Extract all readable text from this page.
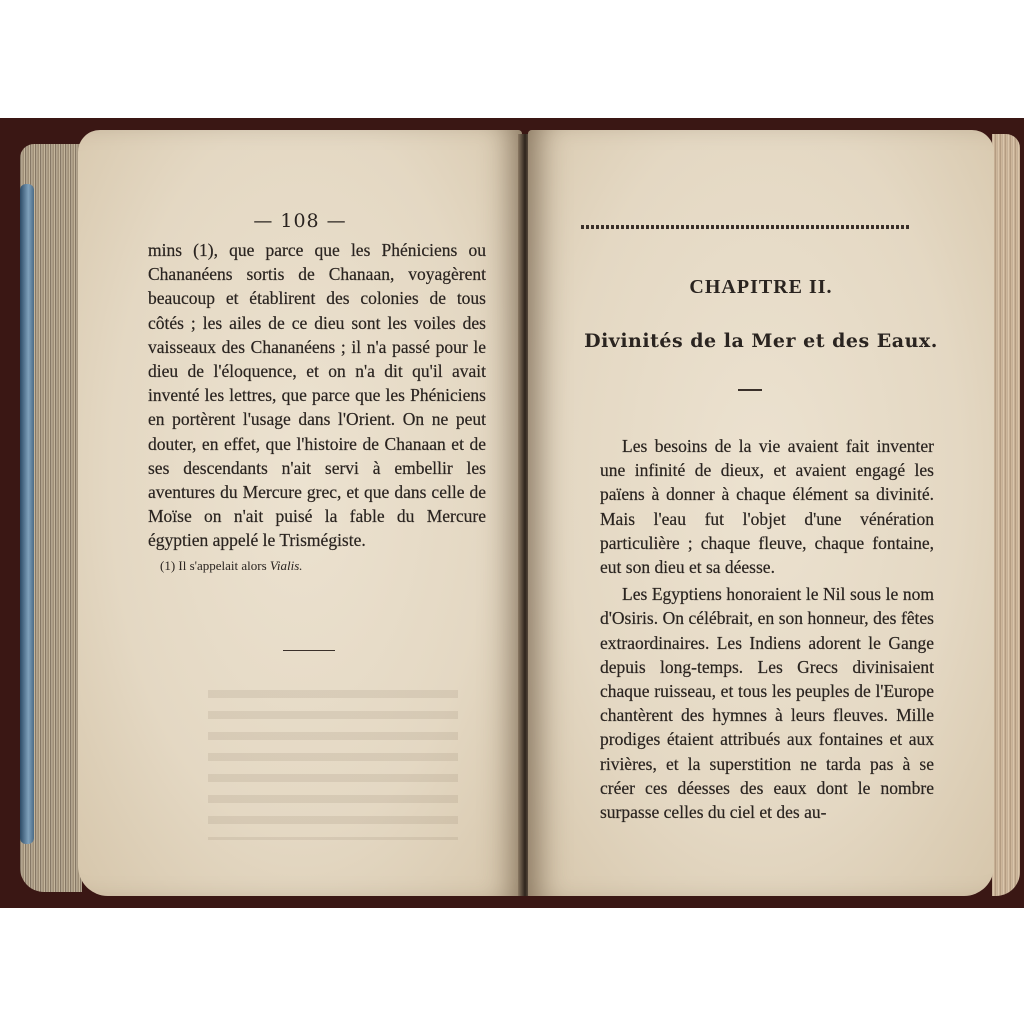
— 108 —

mins (1), que parce que les Phéniciens ou Chananéens sortis de Chanaan, voyagèrent beaucoup et établirent des colonies de tous côtés ; les ailes de ce dieu sont les voiles des vaisseaux des Chananéens ; il n'a passé pour le dieu de l'éloquence, et on n'a dit qu'il avait inventé les lettres, que parce que les Phéniciens en portèrent l'usage dans l'Orient. On ne peut douter, en effet, que l'histoire de Chanaan et de ses descendants n'ait servi à embellir les aventures du Mercure grec, et que dans celle de Moïse on n'ait puisé la fable du Mercure égyptien appelé le Trismégiste.

(1) Il s'appelait alors Vialis.
CHAPITRE II.
Divinités de la Mer et des Eaux.

Les besoins de la vie avaient fait inventer une infinité de dieux, et avaient engagé les païens à donner à chaque élément sa divinité. Mais l'eau fut l'objet d'une vénération particulière ; chaque fleuve, chaque fontaine, eut son dieu et sa déesse.

Les Egyptiens honoraient le Nil sous le nom d'Osiris. On célébrait, en son honneur, des fêtes extraordinaires. Les Indiens adorent le Gange depuis long-temps. Les Grecs divinisaient chaque ruisseau, et tous les peuples de l'Europe chantèrent des hymnes à leurs fleuves. Mille prodiges étaient attribués aux fontaines et aux rivières, et la superstition ne tarda pas à se créer ces déesses des eaux dont le nombre surpasse celles du ciel et des au-
